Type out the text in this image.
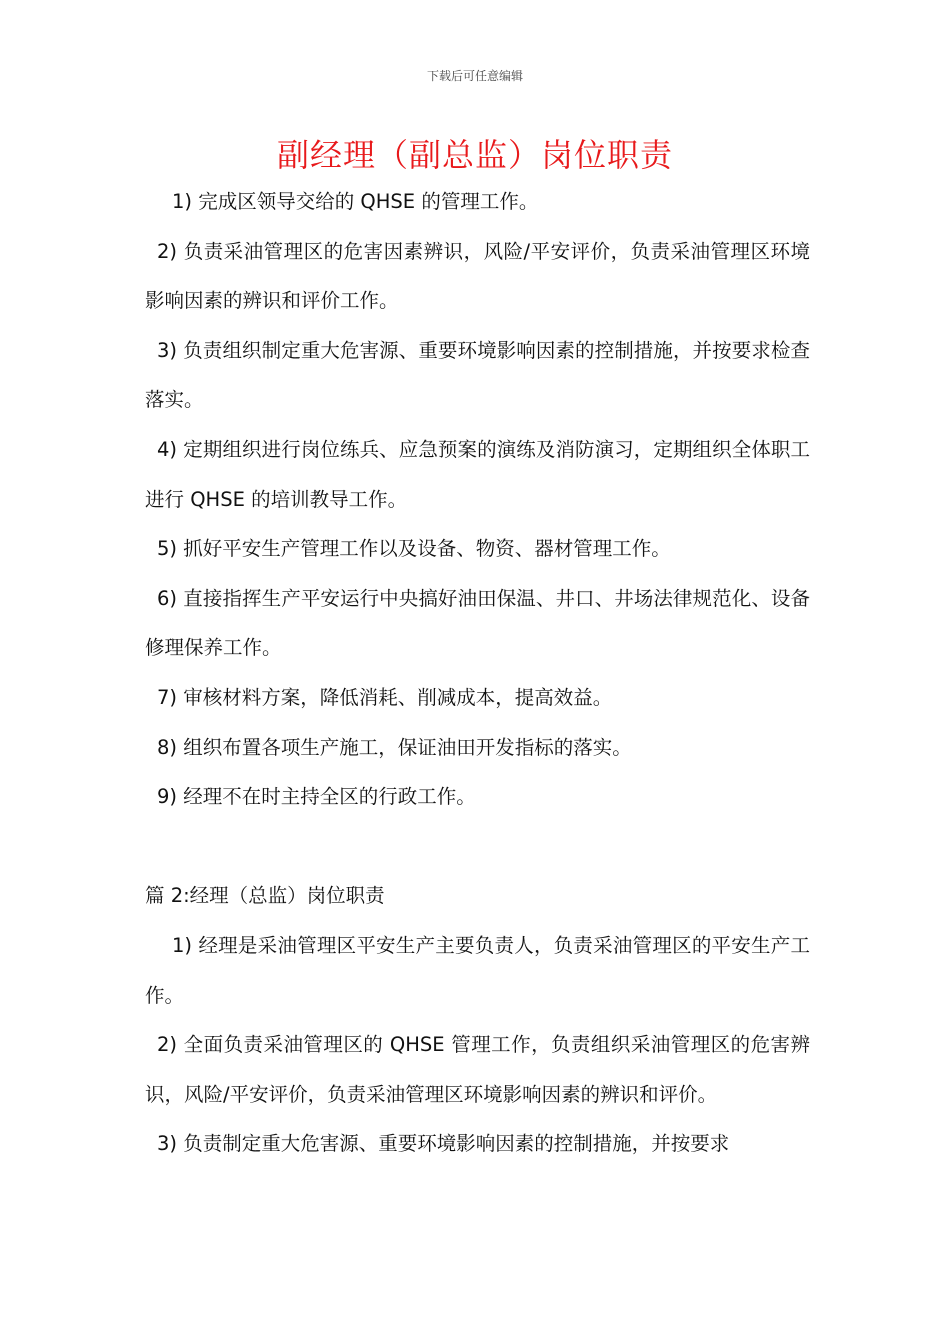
下载后可任意编辑
副经理（副总监）岗位职责

1) 完成区领导交给的 QHSE 的管理工作。

2) 负责采油管理区的危害因素辨识，风险/平安评价，负责采油管理区环境影响因素的辨识和评价工作。

3) 负责组织制定重大危害源、重要环境影响因素的控制措施，并按要求检查落实。

4) 定期组织进行岗位练兵、应急预案的演练及消防演习，定期组织全体职工进行 QHSE 的培训教导工作。

5) 抓好平安生产管理工作以及设备、物资、器材管理工作。

6) 直接指挥生产平安运行中央搞好油田保温、井口、井场法律规范化、设备修理保养工作。

7) 审核材料方案，降低消耗、削减成本，提高效益。

8) 组织布置各项生产施工，保证油田开发指标的落实。

9) 经理不在时主持全区的行政工作。

篇 2:经理（总监）岗位职责

1) 经理是采油管理区平安生产主要负责人，负责采油管理区的平安生产工作。

2) 全面负责采油管理区的 QHSE 管理工作，负责组织采油管理区的危害辨识，风险/平安评价，负责采油管理区环境影响因素的辨识和评价。

3) 负责制定重大危害源、重要环境影响因素的控制措施，并按要求
